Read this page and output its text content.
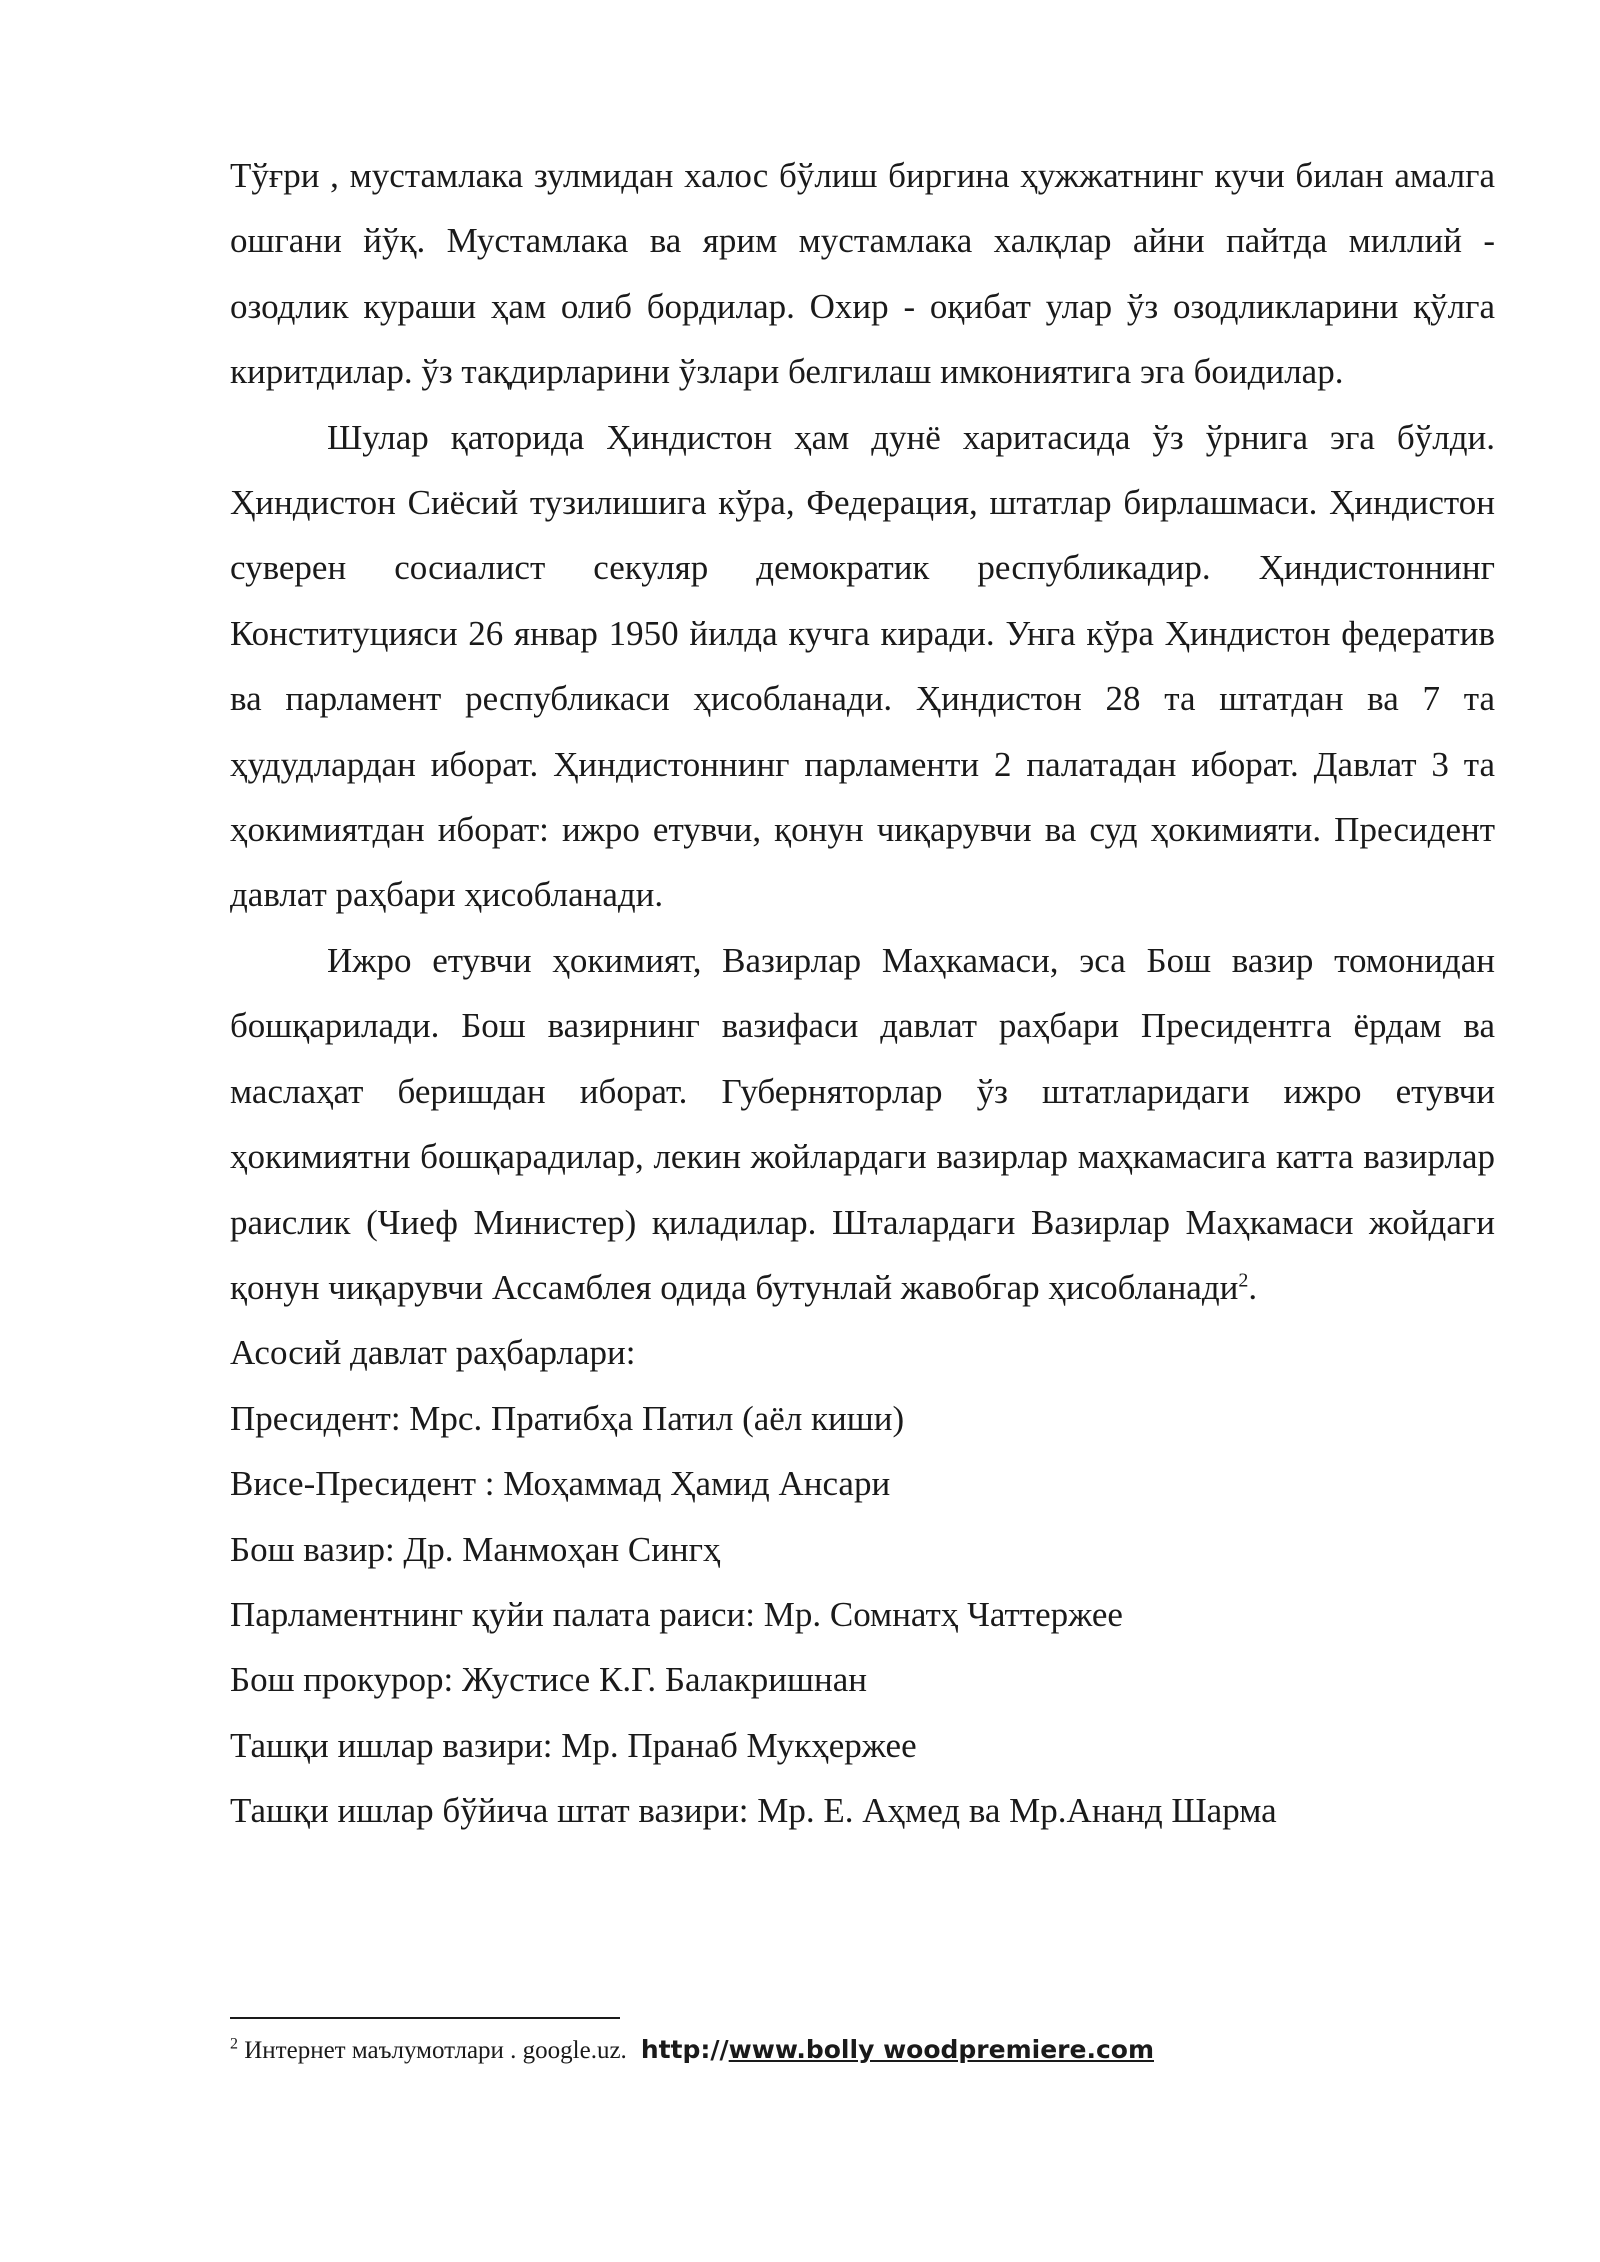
Тўғри , мустамлака зулмидан халос бўлиш биргина ҳужжатнинг кучи билан амалга ошгани йўқ. Мустамлака ва ярим мустамлака халқлар айни пайтда миллий - озодлик кураши ҳам олиб бордилар. Охир - оқибат улар ўз озодликларини қўлга киритдилар. ўз тақдирларини ўзлари белгилаш имкониятига эга боидилар.

Шулар қаторида Ҳиндистон ҳам дунё харитасида ўз ўрнига эга бўлди. Ҳиндистон Сиёсий тузилишига кўра, Федерация, штатлар бирлашмаси. Ҳиндистон суверен сосиалист секуляр демократик республикадир. Ҳиндистоннинг Конституцияси 26 январ 1950 йилда кучга киради. Унга кўра Ҳиндистон федератив ва парламент республикаси ҳисобланади. Ҳиндистон 28 та штатдан ва 7 та ҳудудлардан иборат. Ҳиндистоннинг парламенти 2 палатадан иборат. Давлат 3 та ҳокимиятдан иборат: ижро етувчи, қонун чиқарувчи ва суд ҳокимияти. Пресидент давлат раҳбари ҳисобланади.

Ижро етувчи ҳокимият, Вазирлар Маҳкамаси, эса Бош вазир томонидан бошқарилади. Бош вазирнинг вазифаси давлат раҳбари Пресидентга ёрдам ва маслаҳат беришдан иборат. Губерняторлар ўз штатларидаги ижро етувчи ҳокимиятни бошқарадилар, лекин жойлардаги вазирлар маҳкамасига катта вазирлар раислик (Чиеф Министер) қиладилар. Шталардаги Вазирлар Маҳкамаси жойдаги қонун чиқарувчи Ассамблея одида бутунлай жавобгар ҳисобланади$^2$.

Асосий давлат раҳбарлари:

Пресидент: Мрс. Пратибҳа Патил (аёл киши)

Висе-Пресидент : Моҳаммад Ҳамид Ансари

Бош вазир: Др. Манмоҳан Сингҳ

Парламентнинг қуйи палата раиси: Мр. Сомнатҳ Чаттержее

Бош прокурор: Жустисе К.Г. Балакришнан

Ташқи ишлар вазири: Мр. Пранаб Мукҳержее

Ташқи ишлар бўйича штат вазири: Мр. Е. Аҳмед ва Мр.Ананд Шарма

$^2$ Интернет маълумотлари . google.uz. http://www.bolly woodpremiere.com
